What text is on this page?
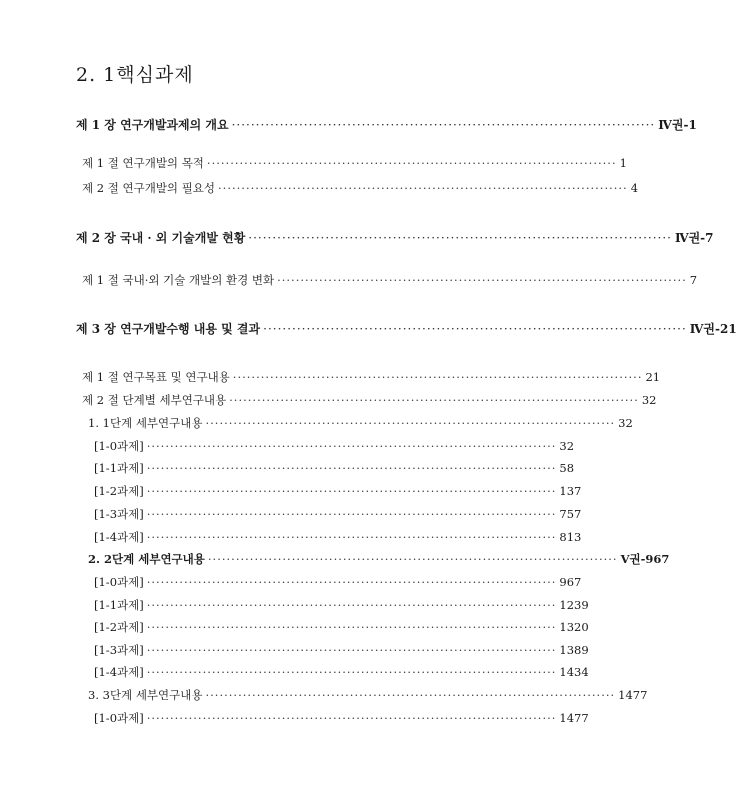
2. 1핵심과제
제 1 장 연구개발과제의 개요 ························································································ Ⅳ권-1
제 1 절 연구개발의 목적 ························································································ 1
제 2 절 연구개발의 필요성 ························································································ 4
제 2 장 국내 · 외 기술개발 현황 ························································································ Ⅳ권-7
제 1 절 국내·외 기술 개발의 환경 변화 ························································································ 7
제 3 장 연구개발수행 내용 및 결과 ························································································ Ⅳ권-21
제 1 절 연구목표 및 연구내용 ························································································ 21
제 2 절 단계별 세부연구내용 ························································································ 32
1. 1단계 세부연구내용 ························································································ 32
[1-0과제] ························································································ 32
[1-1과제] ························································································ 58
[1-2과제] ························································································ 137
[1-3과제] ························································································ 757
[1-4과제] ························································································ 813
2. 2단계 세부연구내용 ························································································ Ⅴ권-967
[1-0과제] ························································································ 967
[1-1과제] ························································································ 1239
[1-2과제] ························································································ 1320
[1-3과제] ························································································ 1389
[1-4과제] ························································································ 1434
3. 3단계 세부연구내용 ························································································ 1477
[1-0과제] ························································································ 1477
